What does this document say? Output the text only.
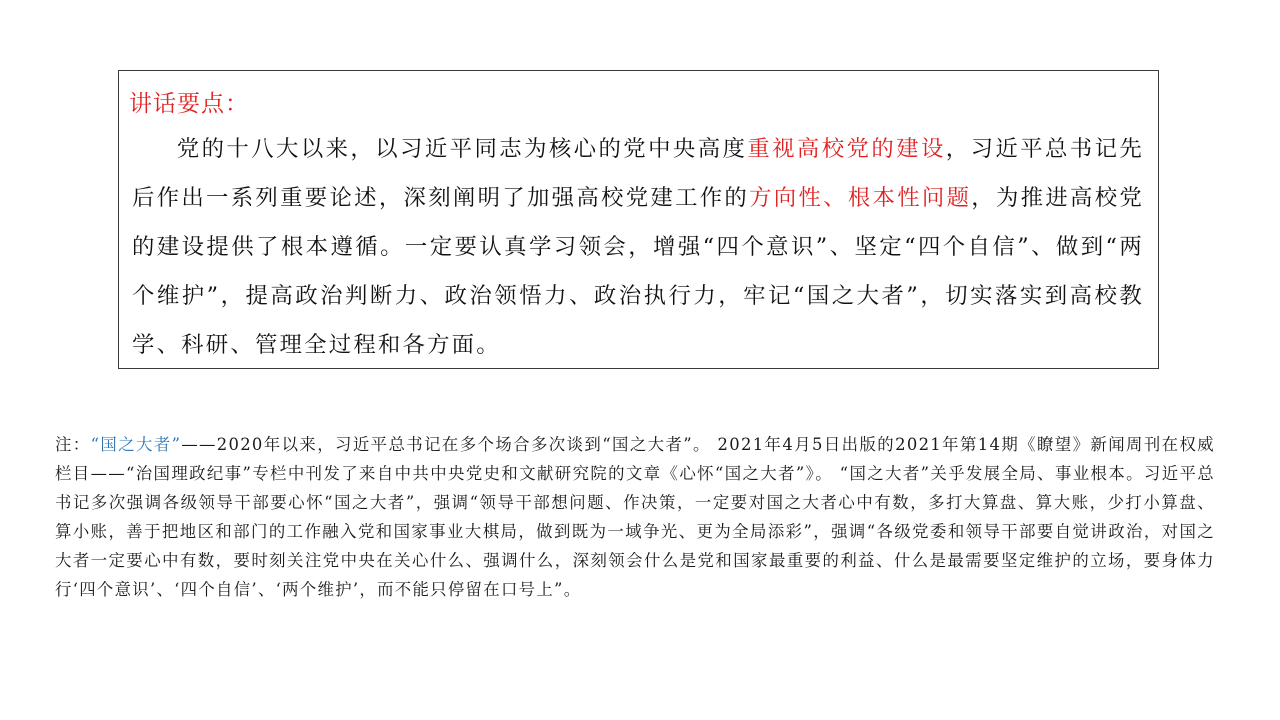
讲话要点：

党的十八大以来，以习近平同志为核心的党中央高度重视高校党的建设，习近平总书记先后作出一系列重要论述，深刻阐明了加强高校党建工作的方向性、根本性问题，为推进高校党的建设提供了根本遵循。一定要认真学习领会，增强“四个意识”、坚定“四个自信”、做到“两个维护”，提高政治判断力、政治领悟力、政治执行力，牢记“国之大者”，切实落实到高校教学、科研、管理全过程和各方面。

注：“国之大者”——2020年以来，习近平总书记在多个场合多次谈到“国之大者”。 2021年4月5日出版的2021年第14期《瞭望》新闻周刊在权威栏目——“治国理政纪事”专栏中刊发了来自中共中央党史和文献研究院的文章《心怀“国之大者”》。 “国之大者”关乎发展全局、事业根本。习近平总书记多次强调各级领导干部要心怀“国之大者”，强调“领导干部想问题、作决策，一定要对国之大者心中有数，多打大算盘、算大账，少打小算盘、算小账，善于把地区和部门的工作融入党和国家事业大棋局，做到既为一域争光、更为全局添彩”，强调“各级党委和领导干部要自觉讲政治，对国之大者一定要心中有数，要时刻关注党中央在关心什么、强调什么，深刻领会什么是党和国家最重要的利益、什么是最需要坚定维护的立场，要身体力行‘四个意识’、‘四个自信’、‘两个维护’，而不能只停留在口号上”。
